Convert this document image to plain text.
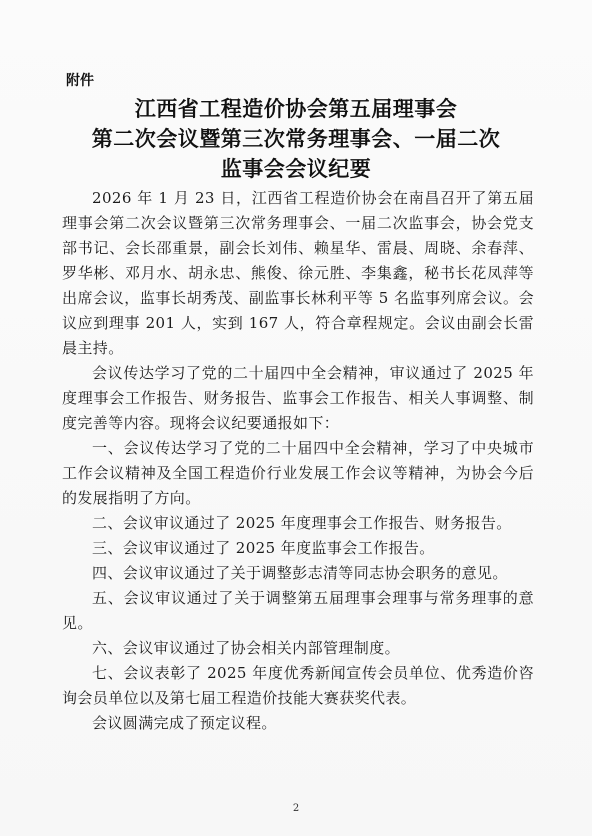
附件
江西省工程造价协会第五届理事会
第二次会议暨第三次常务理事会、一届二次
监事会会议纪要

2026 年 1 月 23 日，江西省工程造价协会在南昌召开了第五届理事会第二次会议暨第三次常务理事会、一届二次监事会，协会党支部书记、会长邵重景，副会长刘伟、赖星华、雷晨、周晓、余春萍、罗华彬、邓月水、胡永忠、熊俊、徐元胜、李集鑫，秘书长花凤萍等出席会议，监事长胡秀茂、副监事长林利平等 5 名监事列席会议。会议应到理事 201 人，实到 167 人，符合章程规定。会议由副会长雷晨主持。

会议传达学习了党的二十届四中全会精神，审议通过了 2025 年度理事会工作报告、财务报告、监事会工作报告、相关人事调整、制度完善等内容。现将会议纪要通报如下：

一、会议传达学习了党的二十届四中全会精神，学习了中央城市工作会议精神及全国工程造价行业发展工作会议等精神，为协会今后的发展指明了方向。

二、会议审议通过了 2025 年度理事会工作报告、财务报告。

三、会议审议通过了 2025 年度监事会工作报告。

四、会议审议通过了关于调整彭志清等同志协会职务的意见。

五、会议审议通过了关于调整第五届理事会理事与常务理事的意见。

六、会议审议通过了协会相关内部管理制度。

七、会议表彰了 2025 年度优秀新闻宣传会员单位、优秀造价咨询会员单位以及第七届工程造价技能大赛获奖代表。

会议圆满完成了预定议程。

2
